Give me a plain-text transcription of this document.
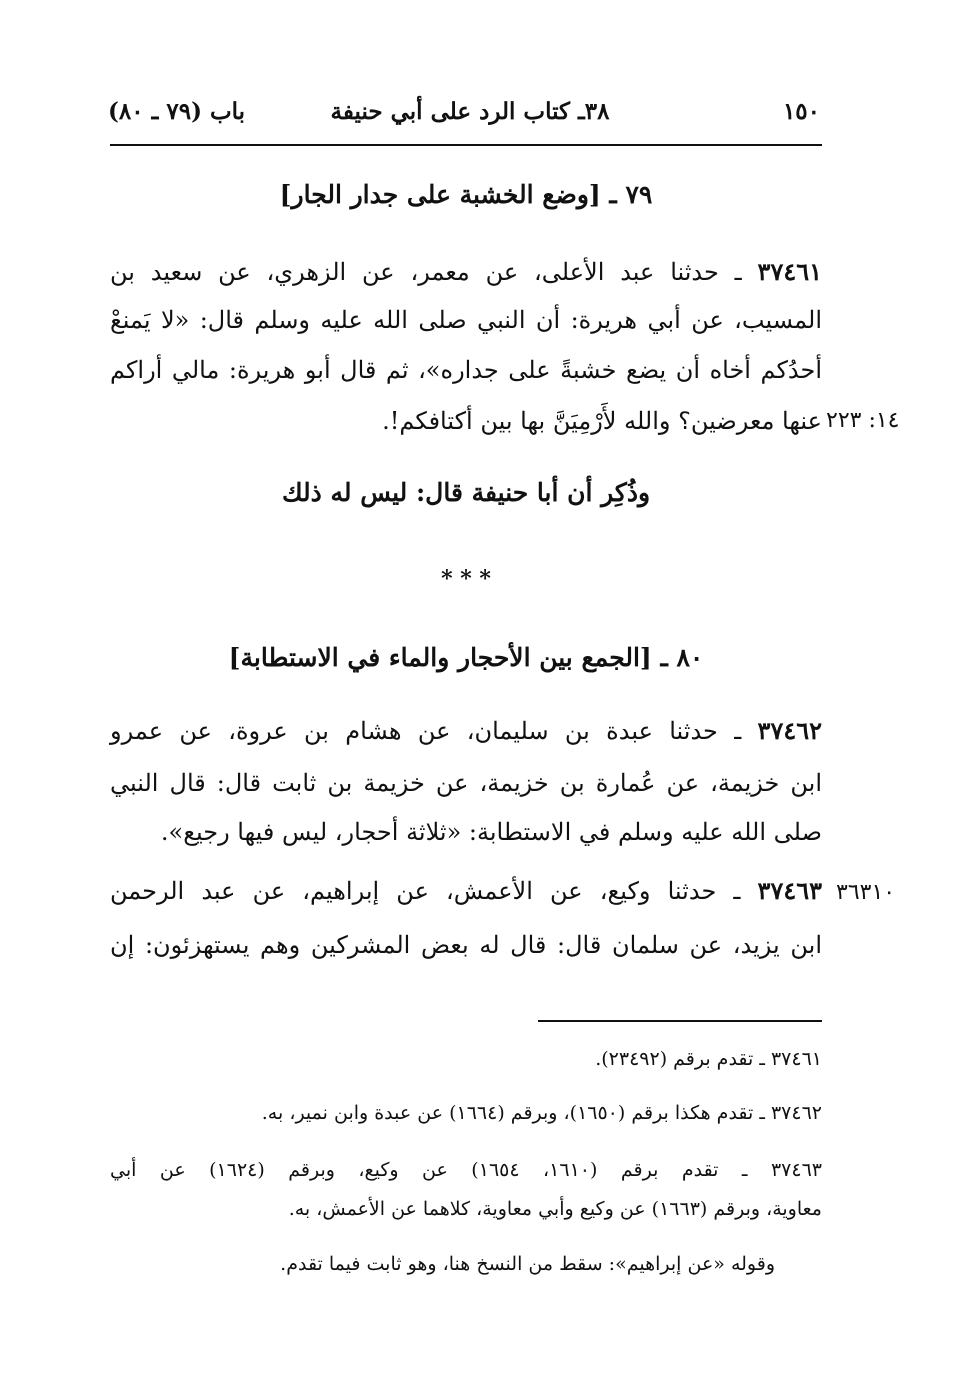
١٥٠
٣٨ـ كتاب الرد على أبي حنيفة
باب (٧٩ ـ ٨٠)
٧٩ ـ [وضع الخشبة على جدار الجار]
٣٧٤٦١ ـ حدثنا عبد الأعلى، عن معمر، عن الزهري، عن سعيد بن
المسيب، عن أبي هريرة: أن النبي صلى الله عليه وسلم قال: «لا يَمنعْ
أحدُكم أخاه أن يضع خشبةً على جداره»، ثم قال أبو هريرة: مالي أراكم
عنها معرضين؟ والله لأَرْمِيَنَّ بها بين أكتافكم!. ١٤: ٢٢٣
وذُكِر أن أبا حنيفة قال: ليس له ذلك
* * *
٨٠ ـ [الجمع بين الأحجار والماء في الاستطابة]
٣٧٤٦٢ ـ حدثنا عبدة بن سليمان، عن هشام بن عروة، عن عمرو
ابن خزيمة، عن عُمارة بن خزيمة، عن خزيمة بن ثابت قال: قال النبي
صلى الله عليه وسلم في الاستطابة: «ثلاثة أحجار، ليس فيها رجيع».
٣٧٤٦٣ ـ حدثنا وكيع، عن الأعمش، عن إبراهيم، عن عبد الرحمن
ابن يزيد، عن سلمان قال: قال له بعض المشركين وهم يستهزئون: إن
٣٦٣١٠
٣٧٤٦١ ـ تقدم برقم (٢٣٤٩٢).
٣٧٤٦٢ ـ تقدم هكذا برقم (١٦٥٠)، وبرقم (١٦٦٤) عن عبدة وابن نمير، به.
٣٧٤٦٣ ـ تقدم برقم (١٦١٠، ١٦٥٤) عن وكيع، وبرقم (١٦٢٤) عن أبي
معاوية، وبرقم (١٦٦٣) عن وكيع وأبي معاوية، كلاهما عن الأعمش، به.
وقوله «عن إبراهيم»: سقط من النسخ هنا، وهو ثابت فيما تقدم.
